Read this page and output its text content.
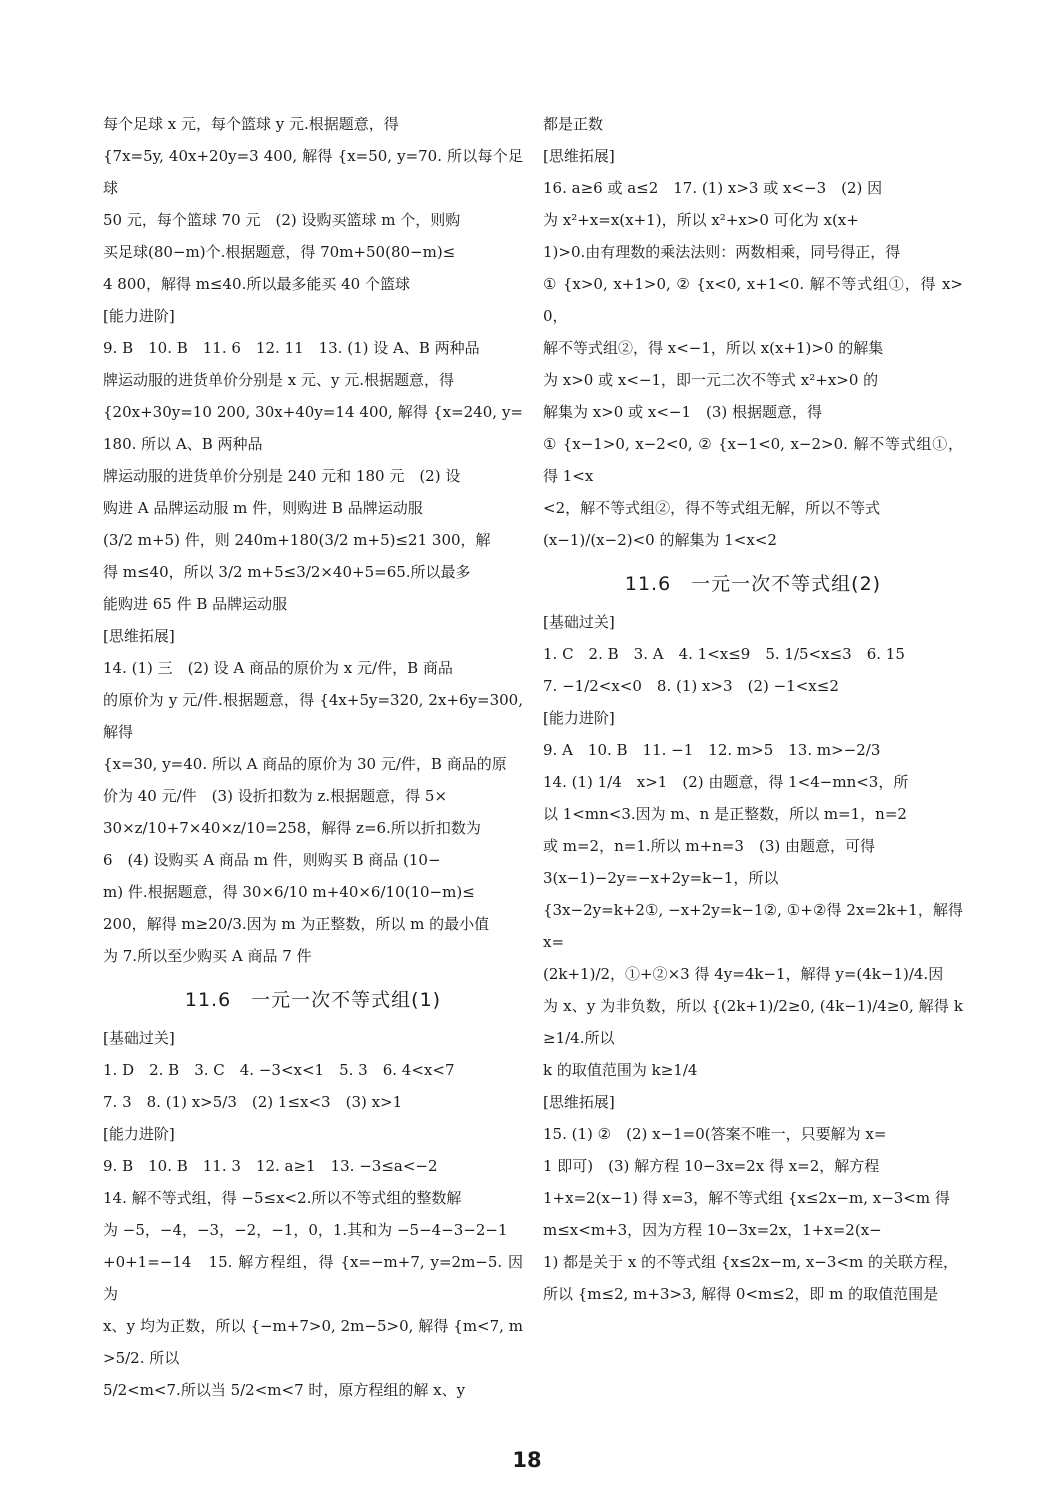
每个足球 x 元，每个篮球 y 元.根据题意，得

{7x=5y, 40x+20y=3 400, 解得 {x=50, y=70. 所以每个足球

50 元，每个篮球 70 元　(2) 设购买篮球 m 个，则购

买足球(80−m)个.根据题意，得 70m+50(80−m)≤

4 800，解得 m≤40.所以最多能买 40 个篮球

[能力进阶]

9. B　10. B　11. 6　12. 11　13. (1) 设 A、B 两种品

牌运动服的进货单价分别是 x 元、y 元.根据题意，得

{20x+30y=10 200, 30x+40y=14 400, 解得 {x=240, y=180. 所以 A、B 两种品

牌运动服的进货单价分别是 240 元和 180 元　(2) 设

购进 A 品牌运动服 m 件，则购进 B 品牌运动服

(3/2 m+5) 件，则 240m+180(3/2 m+5)≤21 300，解

得 m≤40，所以 3/2 m+5≤3/2×40+5=65.所以最多

能购进 65 件 B 品牌运动服

[思维拓展]

14. (1) 三　(2) 设 A 商品的原价为 x 元/件，B 商品

的原价为 y 元/件.根据题意，得 {4x+5y=320, 2x+6y=300, 解得

{x=30, y=40. 所以 A 商品的原价为 30 元/件，B 商品的原

价为 40 元/件　(3) 设折扣数为 z.根据题意，得 5×

30×z/10+7×40×z/10=258，解得 z=6.所以折扣数为

6　(4) 设购买 A 商品 m 件，则购买 B 商品 (10−

m) 件.根据题意，得 30×6/10 m+40×6/10(10−m)≤

200，解得 m≥20/3.因为 m 为正整数，所以 m 的最小值

为 7.所以至少购买 A 商品 7 件

11.6　一元一次不等式组(1)
[基础过关]

1. D　2. B　3. C　4. −3<x<1　5. 3　6. 4<x<7

7. 3　8. (1) x>5/3　(2) 1≤x<3　(3) x>1

[能力进阶]

9. B　10. B　11. 3　12. a≥1　13. −3≤a<−2

14. 解不等式组，得 −5≤x<2.所以不等式组的整数解

为 −5，−4，−3，−2，−1，0，1.其和为 −5−4−3−2−1

+0+1=−14　15. 解方程组，得 {x=−m+7, y=2m−5. 因为

x、y 均为正数，所以 {−m+7>0, 2m−5>0, 解得 {m<7, m>5/2. 所以

5/2<m<7.所以当 5/2<m<7 时，原方程组的解 x、y

都是正数

[思维拓展]

16. a≥6 或 a≤2　17. (1) x>3 或 x<−3　(2) 因

为 x²+x=x(x+1)，所以 x²+x>0 可化为 x(x+

1)>0.由有理数的乘法法则：两数相乘，同号得正，得

① {x>0, x+1>0, ② {x<0, x+1<0. 解不等式组①，得 x>0，

解不等式组②，得 x<−1，所以 x(x+1)>0 的解集

为 x>0 或 x<−1，即一元二次不等式 x²+x>0 的

解集为 x>0 或 x<−1　(3) 根据题意，得

① {x−1>0, x−2<0, ② {x−1<0, x−2>0. 解不等式组①，得 1<x

<2，解不等式组②，得不等式组无解，所以不等式

(x−1)/(x−2)<0 的解集为 1<x<2

11.6　一元一次不等式组(2)
[基础过关]

1. C　2. B　3. A　4. 1<x≤9　5. 1/5<x≤3　6. 15

7. −1/2<x<0　8. (1) x>3　(2) −1<x≤2

[能力进阶]

9. A　10. B　11. −1　12. m>5　13. m>−2/3

14. (1) 1/4　x>1　(2) 由题意，得 1<4−mn<3，所

以 1<mn<3.因为 m、n 是正整数，所以 m=1，n=2

或 m=2，n=1.所以 m+n=3　(3) 由题意，可得

3(x−1)−2y=−x+2y=k−1，所以

{3x−2y=k+2①, −x+2y=k−1②, ①+②得 2x=2k+1，解得 x=

(2k+1)/2，①+②×3 得 4y=4k−1，解得 y=(4k−1)/4.因

为 x、y 为非负数，所以 {(2k+1)/2≥0, (4k−1)/4≥0, 解得 k≥1/4.所以

k 的取值范围为 k≥1/4

[思维拓展]

15. (1) ②　(2) x−1=0(答案不唯一，只要解为 x=

1 即可)　(3) 解方程 10−3x=2x 得 x=2，解方程

1+x=2(x−1) 得 x=3，解不等式组 {x≤2x−m, x−3<m 得

m≤x<m+3，因为方程 10−3x=2x，1+x=2(x−

1) 都是关于 x 的不等式组 {x≤2x−m, x−3<m 的关联方程，

所以 {m≤2, m+3>3, 解得 0<m≤2，即 m 的取值范围是

18
